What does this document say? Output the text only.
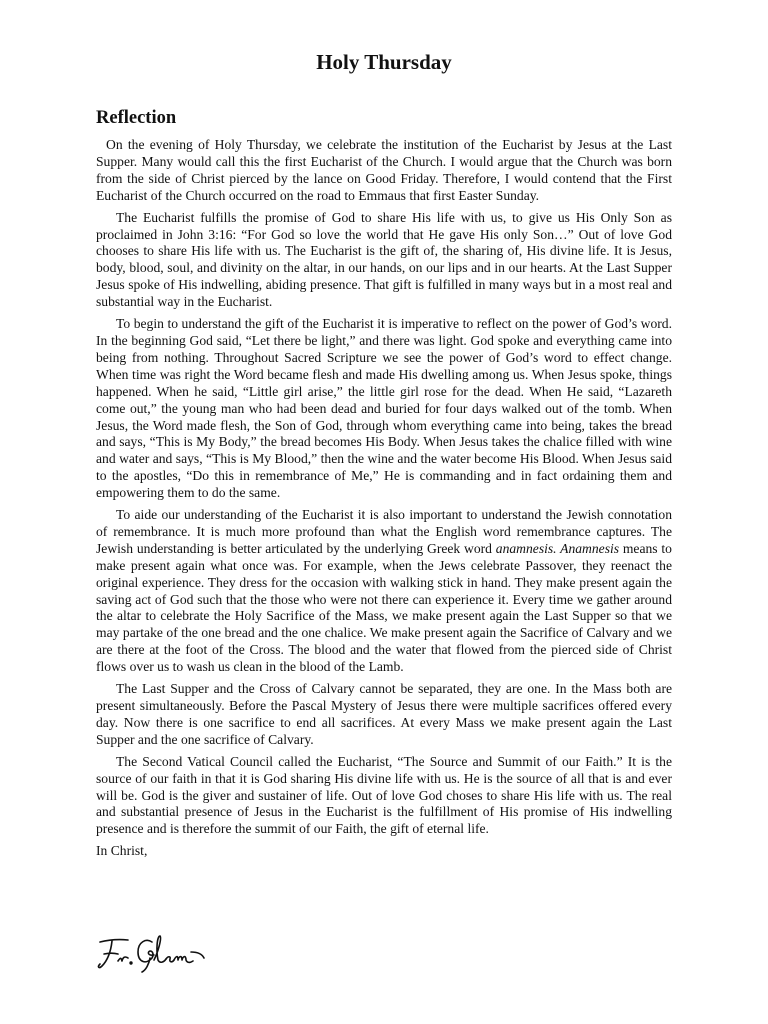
Holy Thursday
Reflection

On the evening of Holy Thursday, we celebrate the institution of the Eucharist by Jesus at the Last Supper. Many would call this the first Eucharist of the Church. I would argue that the Church was born from the side of Christ pierced by the lance on Good Friday. Therefore, I would contend that the First Eucharist of the Church occurred on the road to Emmaus that first Easter Sunday.

The Eucharist fulfills the promise of God to share His life with us, to give us His Only Son as proclaimed in John 3:16: “For God so love the world that He gave His only Son…” Out of love God chooses to share His life with us. The Eucharist is the gift of, the sharing of, His divine life. It is Jesus, body, blood, soul, and divinity on the altar, in our hands, on our lips and in our hearts. At the Last Supper Jesus spoke of His indwelling, abiding presence. That gift is fulfilled in many ways but in a most real and substantial way in the Eucharist.

To begin to understand the gift of the Eucharist it is imperative to reflect on the power of God’s word. In the beginning God said, “Let there be light,” and there was light. God spoke and everything came into being from nothing. Throughout Sacred Scripture we see the power of God’s word to effect change. When time was right the Word became flesh and made His dwelling among us. When Jesus spoke, things happened. When he said, “Little girl arise,” the little girl rose for the dead. When He said, “Lazareth come out,” the young man who had been dead and buried for four days walked out of the tomb. When Jesus, the Word made flesh, the Son of God, through whom everything came into being, takes the bread and says, “This is My Body,” the bread becomes His Body. When Jesus takes the chalice filled with wine and water and says, “This is My Blood,” then the wine and the water become His Blood. When Jesus said to the apostles, “Do this in remembrance of Me,” He is commanding and in fact ordaining them and empowering them to do the same.

To aide our understanding of the Eucharist it is also important to understand the Jewish connotation of remembrance. It is much more profound than what the English word remembrance captures. The Jewish understanding is better articulated by the underlying Greek word anamnesis. Anamnesis means to make present again what once was. For example, when the Jews celebrate Passover, they reenact the original experience. They dress for the occasion with walking stick in hand. They make present again the saving act of God such that the those who were not there can experience it. Every time we gather around the altar to celebrate the Holy Sacrifice of the Mass, we make present again the Last Supper so that we may partake of the one bread and the one chalice. We make present again the Sacrifice of Calvary and we are there at the foot of the Cross. The blood and the water that flowed from the pierced side of Christ flows over us to wash us clean in the blood of the Lamb.

The Last Supper and the Cross of Calvary cannot be separated, they are one. In the Mass both are present simultaneously. Before the Pascal Mystery of Jesus there were multiple sacrifices offered every day. Now there is one sacrifice to end all sacrifices. At every Mass we make present again the Last Supper and the one sacrifice of Calvary.

The Second Vatical Council called the Eucharist, “The Source and Summit of our Faith.” It is the source of our faith in that it is God sharing His divine life with us. He is the source of all that is and ever will be. God is the giver and sustainer of life. Out of love God choses to share His life with us. The real and substantial presence of Jesus in the Eucharist is the fulfillment of His promise of His indwelling presence and is therefore the summit of our Faith, the gift of eternal life.

In Christ,
